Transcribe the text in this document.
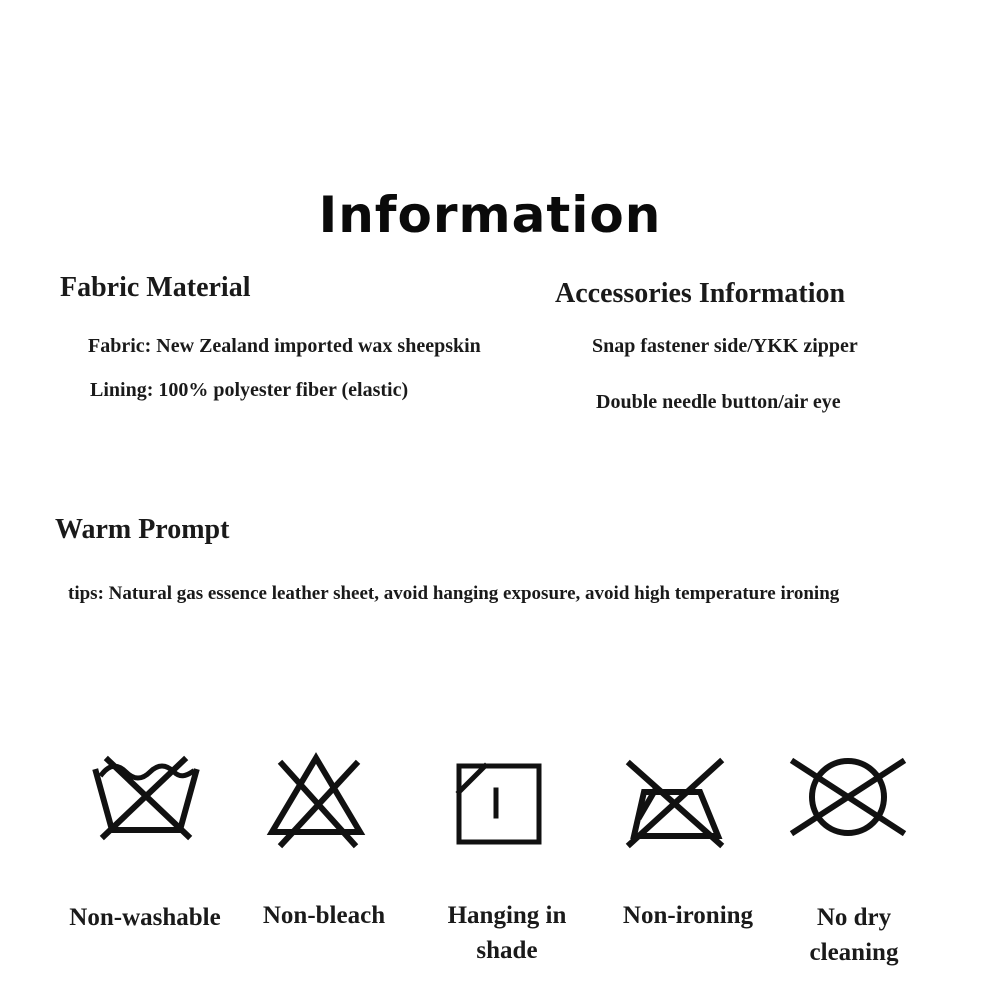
Information
Fabric Material
Fabric: New Zealand imported wax sheepskin
Lining: 100% polyester fiber (elastic)
Accessories Information
Snap fastener side/YKK zipper
Double needle button/air eye
Warm Prompt
tips: Natural gas essence leather sheet, avoid hanging exposure, avoid high temperature ironing
Non-washable	Non-bleach	Hanging in
shade
Non-ironing	No dry
cleaning
